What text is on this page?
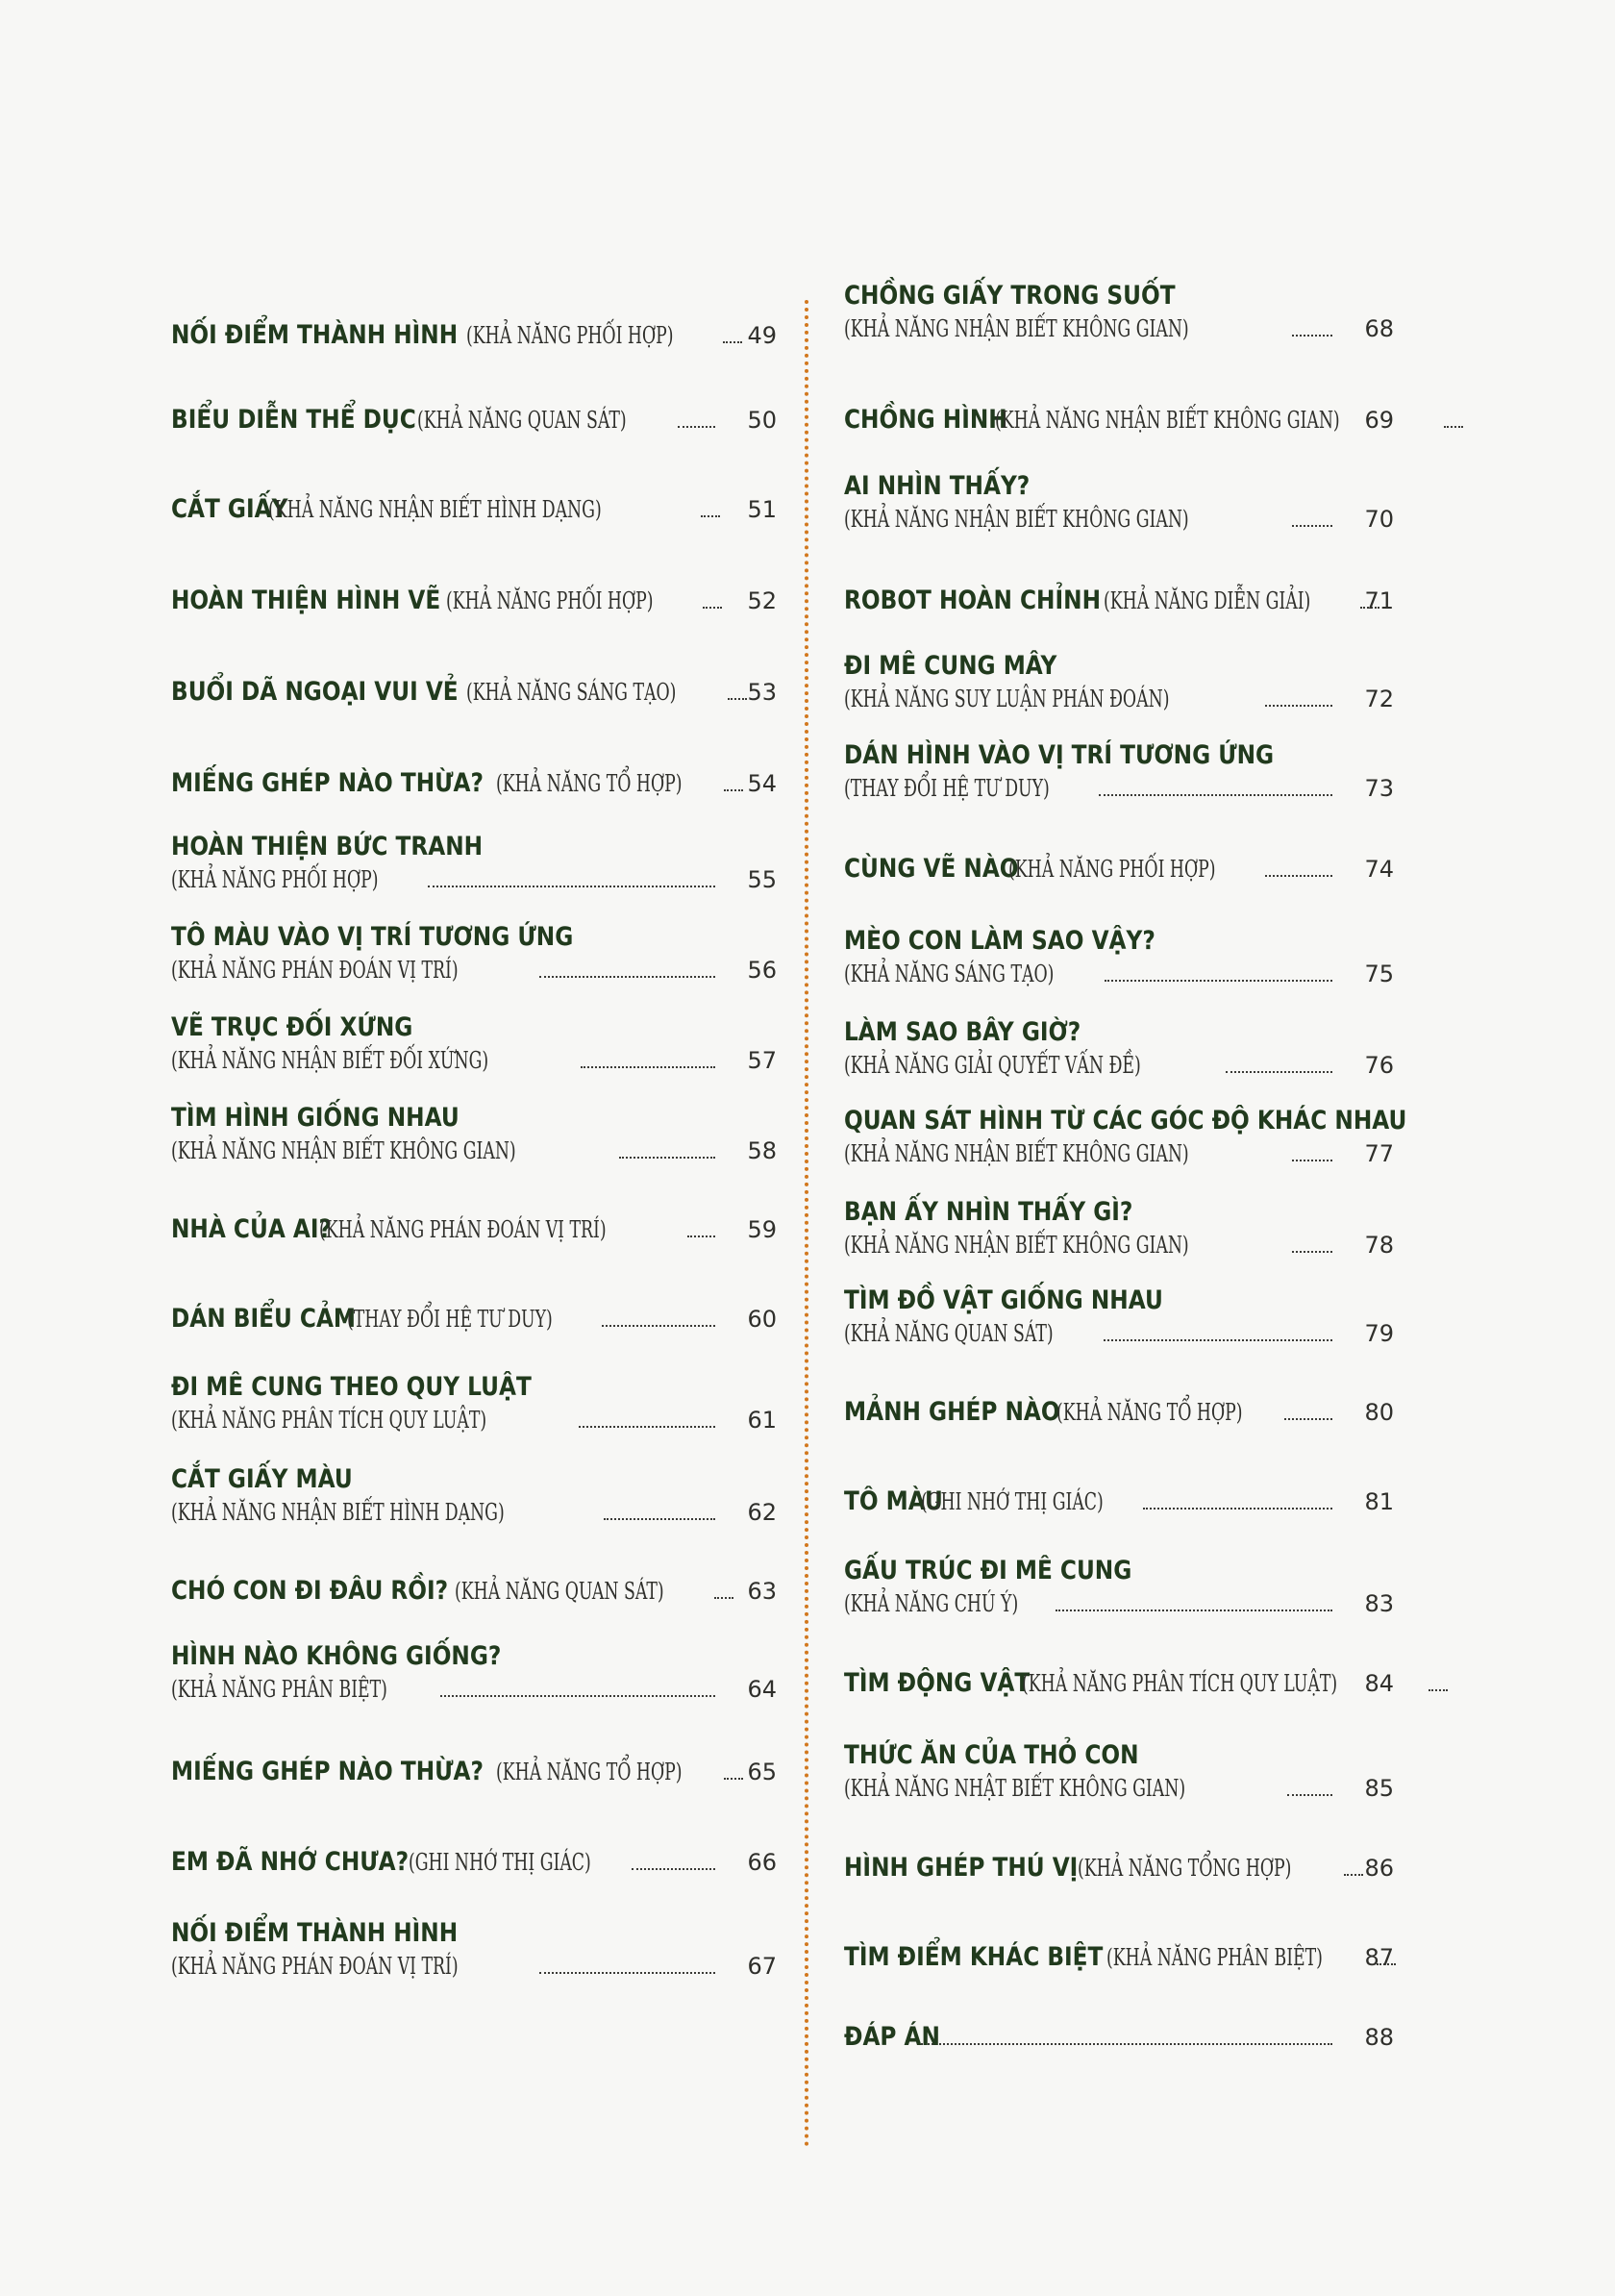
NỐI ĐIỂM THÀNH HÌNH (KHẢ NĂNG PHỐI HỢP)	49
BIỂU DIỄN THỂ DỤC (KHẢ NĂNG QUAN SÁT)	50
CẮT GIẤY
(KHẢ NĂNG NHẬN BIẾT HÌNH DẠNG)	51
HOÀN THIỆN HÌNH VẼ (KHẢ NĂNG PHỐI HỢP)	52
BUỔI DÃ NGOẠI VUI VẺ (KHẢ NĂNG SÁNG TẠO)	53
MIẾNG GHÉP NÀO THỪA? (KHẢ NĂNG TỔ HỢP)	54
HOÀN THIỆN BỨC TRANH
(KHẢ NĂNG PHỐI HỢP)	55
TÔ MÀU VÀO VỊ TRÍ TƯƠNG ỨNG
(KHẢ NĂNG PHÁN ĐOÁN VỊ TRÍ)	56
VẼ TRỤC ĐỐI XỨNG
(KHẢ NĂNG NHẬN BIẾT ĐỐI XỨNG)	57
TÌM HÌNH GIỐNG NHAU
(KHẢ NĂNG NHẬN BIẾT KHÔNG GIAN)	58
NHÀ CỦA AI?
(KHẢ NĂNG PHÁN ĐOÁN VỊ TRÍ)	59
DÁN BIỂU CẢM
(THAY ĐỔI HỆ TƯ DUY)	60
ĐI MÊ CUNG THEO QUY LUẬT
(KHẢ NĂNG PHÂN TÍCH QUY LUẬT)	61
CẮT GIẤY MÀU
(KHẢ NĂNG NHẬN BIẾT HÌNH DẠNG)	62
CHÓ CON ĐI ĐÂU RỒI? (KHẢ NĂNG QUAN SÁT)	63
HÌNH NÀO KHÔNG GIỐNG?
(KHẢ NĂNG PHÂN BIỆT)	64
MIẾNG GHÉP NÀO THỪA? (KHẢ NĂNG TỔ HỢP)	65
EM ĐÃ NHỚ CHƯA? (GHI NHỚ THỊ GIÁC)	66
NỐI ĐIỂM THÀNH HÌNH
(KHẢ NĂNG PHÁN ĐOÁN VỊ TRÍ)	67
CHỒNG GIẤY TRONG SUỐT
(KHẢ NĂNG NHẬN BIẾT KHÔNG GIAN)	68
CHỒNG HÌNH
(KHẢ NĂNG NHẬN BIẾT KHÔNG GIAN)	69
AI NHÌN THẤY?
(KHẢ NĂNG NHẬN BIẾT KHÔNG GIAN)	70
ROBOT HOÀN CHỈNH (KHẢ NĂNG DIỄN GIẢI)	71
ĐI MÊ CUNG MÂY
(KHẢ NĂNG SUY LUẬN PHÁN ĐOÁN)	72
DÁN HÌNH VÀO VỊ TRÍ TƯƠNG ỨNG
(THAY ĐỔI HỆ TƯ DUY)	73
CÙNG VẼ NÀO
(KHẢ NĂNG PHỐI HỢP)	74
MÈO CON LÀM SAO VẬY?
(KHẢ NĂNG SÁNG TẠO)	75
LÀM SAO BÂY GIỜ?
(KHẢ NĂNG GIẢI QUYẾT VẤN ĐỀ)	76
QUAN SÁT HÌNH TỪ CÁC GÓC ĐỘ KHÁC NHAU
(KHẢ NĂNG NHẬN BIẾT KHÔNG GIAN)	77
BẠN ẤY NHÌN THẤY GÌ?
(KHẢ NĂNG NHẬN BIẾT KHÔNG GIAN)	78
TÌM ĐỒ VẬT GIỐNG NHAU
(KHẢ NĂNG QUAN SÁT)	79
MẢNH GHÉP NÀO
(KHẢ NĂNG TỔ HỢP)	80
TÔ MÀU
(GHI NHỚ THỊ GIÁC)	81
GẤU TRÚC ĐI MÊ CUNG
(KHẢ NĂNG CHÚ Ý)	83
TÌM ĐỘNG VẬT
(KHẢ NĂNG PHÂN TÍCH QUY LUẬT)	84
THỨC ĂN CỦA THỎ CON
(KHẢ NĂNG NHẬT BIẾT KHÔNG GIAN)	85
HÌNH GHÉP THÚ VỊ (KHẢ NĂNG TỔNG HỢP)	86
TÌM ĐIỂM KHÁC BIỆT (KHẢ NĂNG PHÂN BIỆT)	87
ĐÁP ÁN	88
